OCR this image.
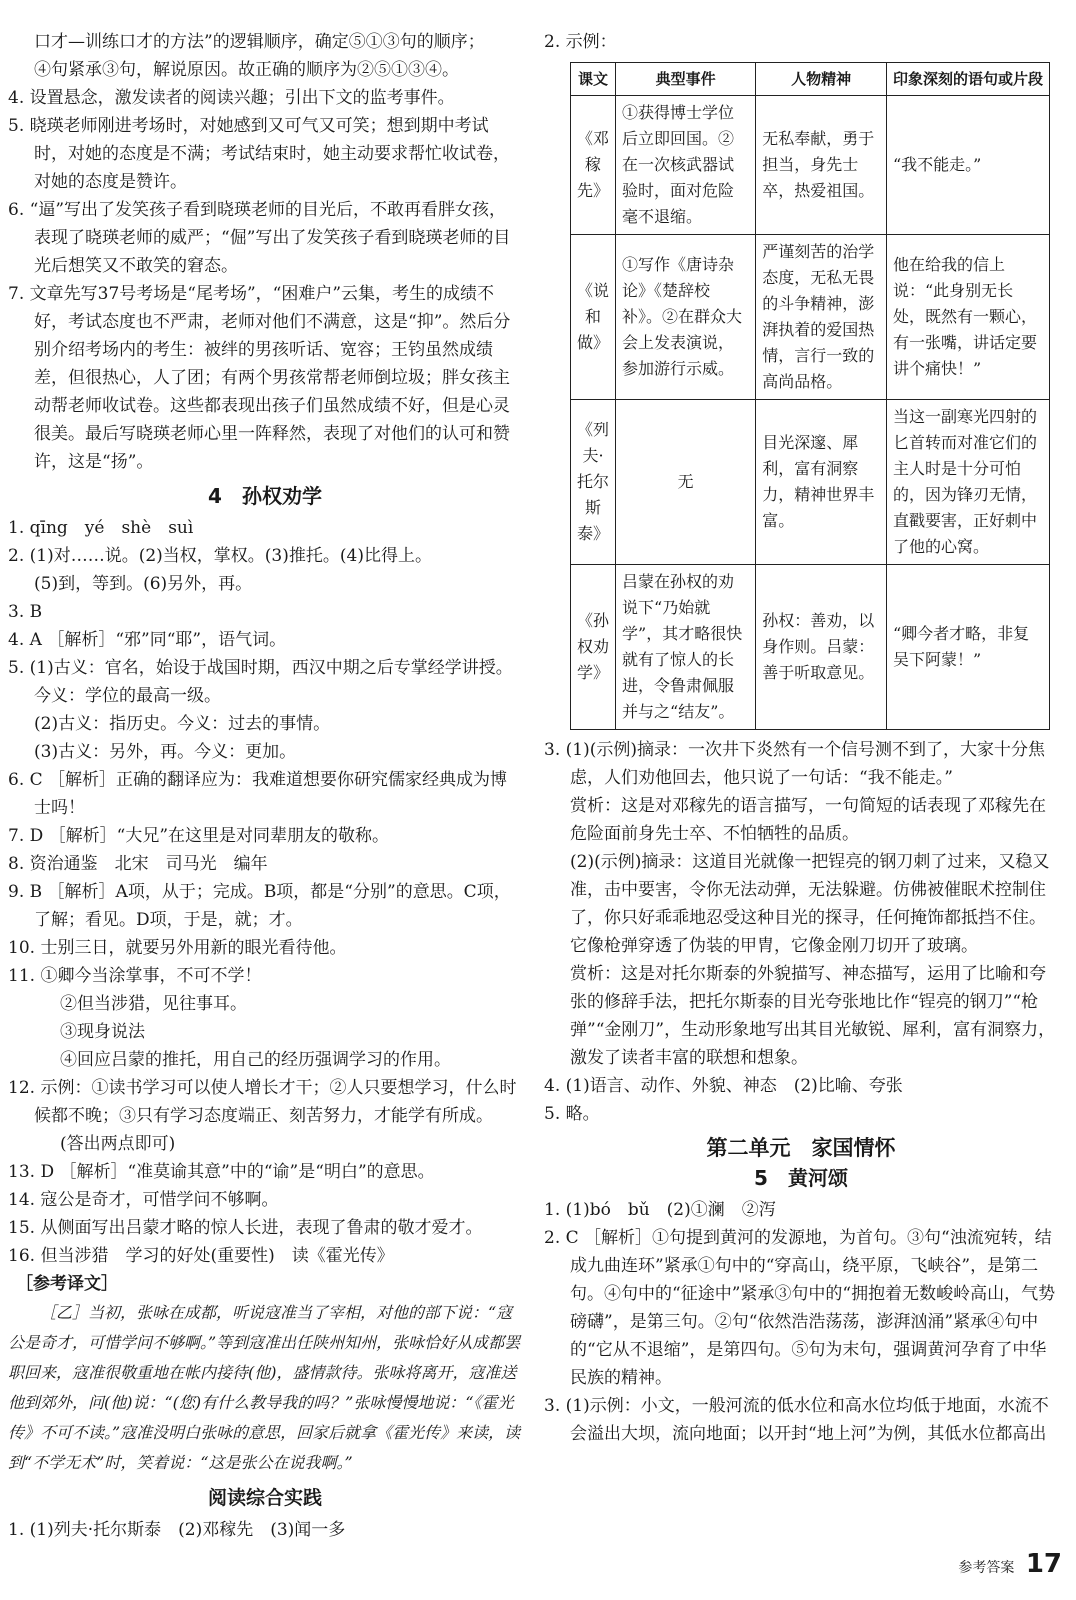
口才—训练口才的方法”的逻辑顺序，确定⑤①③句的顺序；

④句紧承③句，解说原因。故正确的顺序为②⑤①③④。

4. 设置悬念，激发读者的阅读兴趣；引出下文的监考事件。

5. 晓瑛老师刚进考场时，对她感到又可气又可笑；想到期中考试时，对她的态度是不满；考试结束时，她主动要求帮忙收试卷，对她的态度是赞许。

6. “逼”写出了发笑孩子看到晓瑛老师的目光后，不敢再看胖女孩，表现了晓瑛老师的威严；“倔”写出了发笑孩子看到晓瑛老师的目光后想笑又不敢笑的窘态。

7. 文章先写37号考场是“尾考场”，“困难户”云集，考生的成绩不好，考试态度也不严肃，老师对他们不满意，这是“抑”。然后分别介绍考场内的考生：被绊的男孩听话、宽容；王钧虽然成绩差，但很热心，人了团；有两个男孩常帮老师倒垃圾；胖女孩主动帮老师收试卷。这些都表现出孩子们虽然成绩不好，但是心灵很美。最后写晓瑛老师心里一阵释然，表现了对他们的认可和赞许，这是“扬”。

4　孙权劝学

1. qīng　yé　shè　suì

2. (1)对……说。(2)当权，掌权。(3)推托。(4)比得上。

(5)到，等到。(6)另外，再。

3. B

4. A ［解析］“邪”同“耶”，语气词。

5. (1)古义：官名，始设于战国时期，西汉中期之后专掌经学讲授。今义：学位的最高一级。

(2)古义：指历史。今义：过去的事情。

(3)古义：另外，再。今义：更加。

6. C ［解析］正确的翻译应为：我难道想要你研究儒家经典成为博士吗！

7. D ［解析］“大兄”在这里是对同辈朋友的敬称。

8. 资治通鉴　北宋　司马光　编年

9. B ［解析］A项，从于；完成。B项，都是“分别”的意思。C项，了解；看见。D项，于是，就；才。

10. 士别三日，就要另外用新的眼光看待他。

11. ①卿今当涂掌事，不可不学！

②但当涉猎，见往事耳。

③现身说法

④回应吕蒙的推托，用自己的经历强调学习的作用。

12. 示例：①读书学习可以使人增长才干；②人只要想学习，什么时候都不晚；③只有学习态度端正、刻苦努力，才能学有所成。

(答出两点即可)

13. D ［解析］“准莫谕其意”中的“谕”是“明白”的意思。

14. 寇公是奇才，可惜学问不够啊。

15. 从侧面写出吕蒙才略的惊人长进，表现了鲁肃的敬才爱才。

16. 但当涉猎　学习的好处(重要性)　读《霍光传》

［参考译文］

［乙］当初，张咏在成都，听说寇准当了宰相，对他的部下说：“寇公是奇才，可惜学问不够啊。”等到寇准出任陕州知州，张咏恰好从成都罢职回来，寇准很敬重地在帐内接待(他)，盛情款待。张咏将离开，寇准送他到郊外，问(他)说：“(您)有什么教导我的吗？”张咏慢慢地说：“《霍光传》不可不读。”寇准没明白张咏的意思，回家后就拿《霍光传》来读，读到“不学无术”时，笑着说：“这是张公在说我啊。”

阅读综合实践

1. (1)列夫·托尔斯泰　(2)邓稼先　(3)闻一多

2. 示例：

课文	典型事件	人物精神	印象深刻的语句或片段
《邓稼先》	①获得博士学位后立即回国。②在一次核武器试验时，面对危险毫不退缩。	无私奉献，勇于担当，身先士卒，热爱祖国。	“我不能走。”
《说和做》	①写作《唐诗杂论》《楚辞校补》。②在群众大会上发表演说，参加游行示威。	严谨刻苦的治学态度，无私无畏的斗争精神，澎湃执着的爱国热情，言行一致的高尚品格。	他在给我的信上说：“此身别无长处，既然有一颗心，有一张嘴，讲话定要讲个痛快！”
《列夫·托尔斯泰》	无	目光深邃、犀利，富有洞察力，精神世界丰富。	当这一副寒光四射的匕首转而对准它们的主人时是十分可怕的，因为锋刃无情，直戳要害，正好刺中了他的心窝。
《孙权劝学》	吕蒙在孙权的劝说下“乃始就学”，其才略很快就有了惊人的长进，令鲁肃佩服并与之“结友”。	孙权：善劝，以身作则。吕蒙：善于听取意见。	“卿今者才略，非复吴下阿蒙！”

3. (1)(示例)摘录：一次井下炎然有一个信号测不到了，大家十分焦虑，人们劝他回去，他只说了一句话：“我不能走。”

赏析：这是对邓稼先的语言描写，一句简短的话表现了邓稼先在危险面前身先士卒、不怕牺牲的品质。

(2)(示例)摘录：这道目光就像一把锃亮的钢刀刺了过来，又稳又准，击中要害，令你无法动弹，无法躲避。仿佛被催眠术控制住了，你只好乖乖地忍受这种目光的探寻，任何掩饰都抵挡不住。它像枪弹穿透了伪装的甲胄，它像金刚刀切开了玻璃。

赏析：这是对托尔斯泰的外貌描写、神态描写，运用了比喻和夸张的修辞手法，把托尔斯泰的目光夸张地比作“锃亮的钢刀”“枪弹”“金刚刀”，生动形象地写出其目光敏锐、犀利，富有洞察力，激发了读者丰富的联想和想象。

4. (1)语言、动作、外貌、神态　(2)比喻、夸张

5. 略。

第二单元　家国情怀
5　黄河颂

1. (1)bó　bǔ　(2)①澜　②泻

2. C ［解析］①句提到黄河的发源地，为首句。③句“浊流宛转，结成九曲连环”紧承①句中的“穿高山，绕平原，飞峡谷”，是第二句。④句中的“征途中”紧承③句中的“拥抱着无数峻岭高山，气势磅礴”，是第三句。②句“依然浩浩荡荡，澎湃汹涌”紧承④句中的“它从不退缩”，是第四句。⑤句为末句，强调黄河孕育了中华民族的精神。

3. (1)示例：小文，一般河流的低水位和高水位均低于地面，水流不会溢出大坝，流向地面；以开封“地上河”为例，其低水位都高出

参考答案 17
